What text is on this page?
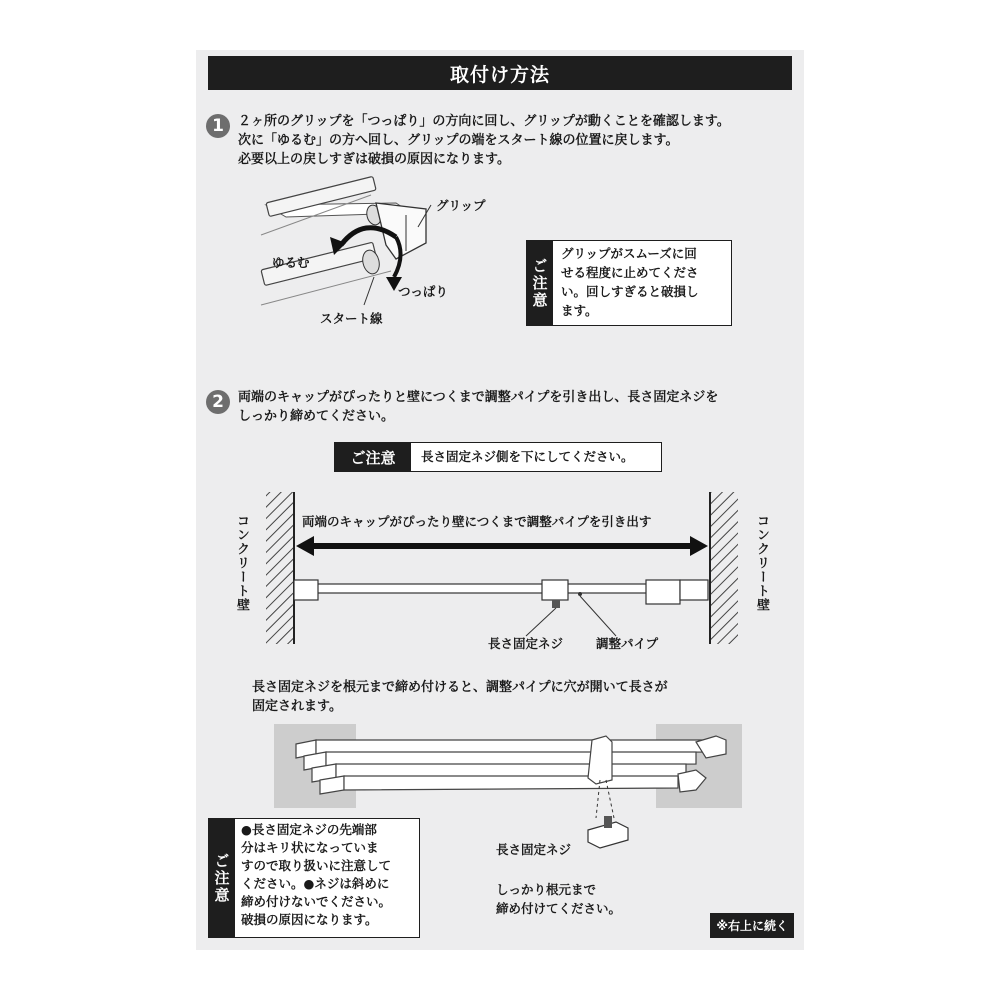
取付け方法
1	２ヶ所のグリップを「つっぱり」の方向に回し、グリップが動くことを確認します。
次に「ゆるむ」の方へ回し、グリップの端をスタート線の位置に戻します。
必要以上の戻しすぎは破損の原因になります。
グリップ
ゆるむ
つっぱり
スタート線
ご注意
グリップがスムーズに回
せる程度に止めてくださ
い。回しすぎると破損し
ます。
2	両端のキャップがぴったりと壁につくまで調整パイプを引き出し、長さ固定ネジを
しっかり締めてください。
ご注意	長さ固定ネジ側を下にしてください。
両端のキャップがぴったり壁につくまで調整パイプを引き出す
コンクリート壁	コンクリート壁
長さ固定ネジ	調整パイプ
長さ固定ネジを根元まで締め付けると、調整パイプに穴が開いて長さが
固定されます。
長さ固定ネジ
しっかり根元まで
締め付けてください。
ご注意
●長さ固定ネジの先端部
分はキリ状になっていま
すので取り扱いに注意して
ください。●ネジは斜めに
締め付けないでください。
破損の原因になります。	※右上に続く
